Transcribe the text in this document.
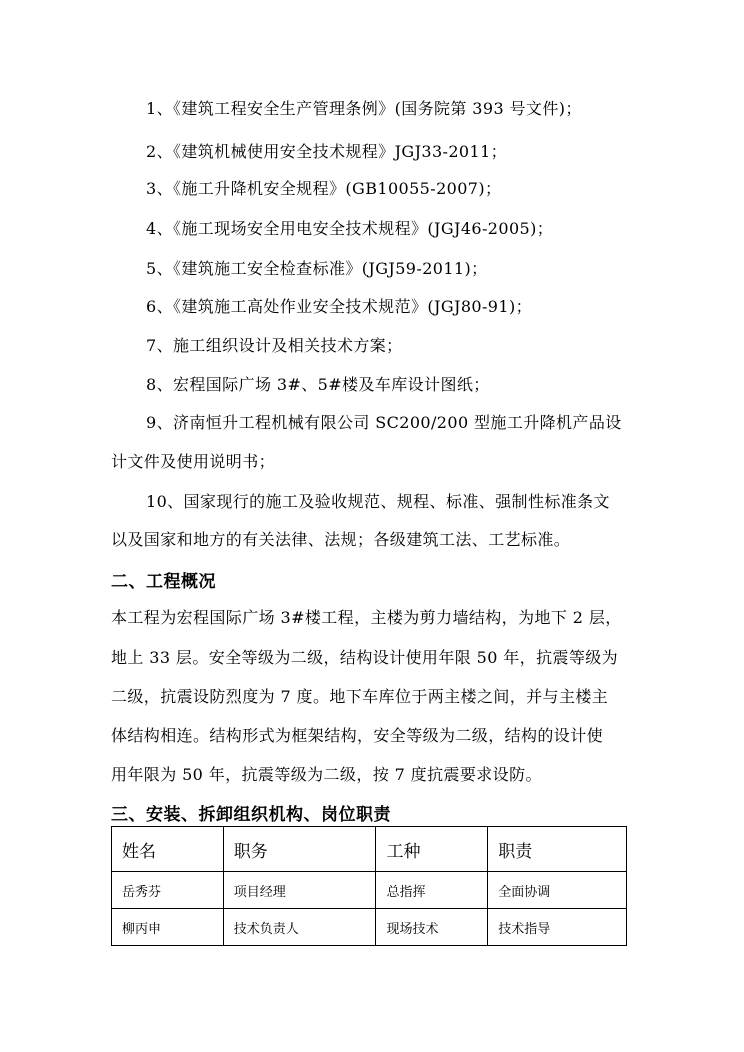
1、《建筑工程安全生产管理条例》(国务院第 393 号文件)；
2、《建筑机械使用安全技术规程》JGJ33-2011；
3、《施工升降机安全规程》(GB10055-2007)；
4、《施工现场安全用电安全技术规程》(JGJ46-2005)；
5、《建筑施工安全检查标准》(JGJ59-2011)；
6、《建筑施工高处作业安全技术规范》(JGJ80-91)；
7、施工组织设计及相关技术方案；
8、宏程国际广场 3#、5#楼及车库设计图纸；
9、济南恒升工程机械有限公司 SC200/200 型施工升降机产品设
计文件及使用说明书；
10、国家现行的施工及验收规范、规程、标准、强制性标准条文
以及国家和地方的有关法律、法规；各级建筑工法、工艺标准。
二、工程概况
本工程为宏程国际广场 3#楼工程，主楼为剪力墙结构，为地下 2 层，
地上 33 层。安全等级为二级，结构设计使用年限 50 年，抗震等级为
二级，抗震设防烈度为 7 度。地下车库位于两主楼之间，并与主楼主
体结构相连。结构形式为框架结构，安全等级为二级，结构的设计使
用年限为 50 年，抗震等级为二级，按 7 度抗震要求设防。
三、安装、拆卸组织机构、岗位职责
姓名	职务	工种	职责
岳秀芬	项目经理	总指挥	全面协调
柳丙申	技术负责人	现场技术	技术指导
